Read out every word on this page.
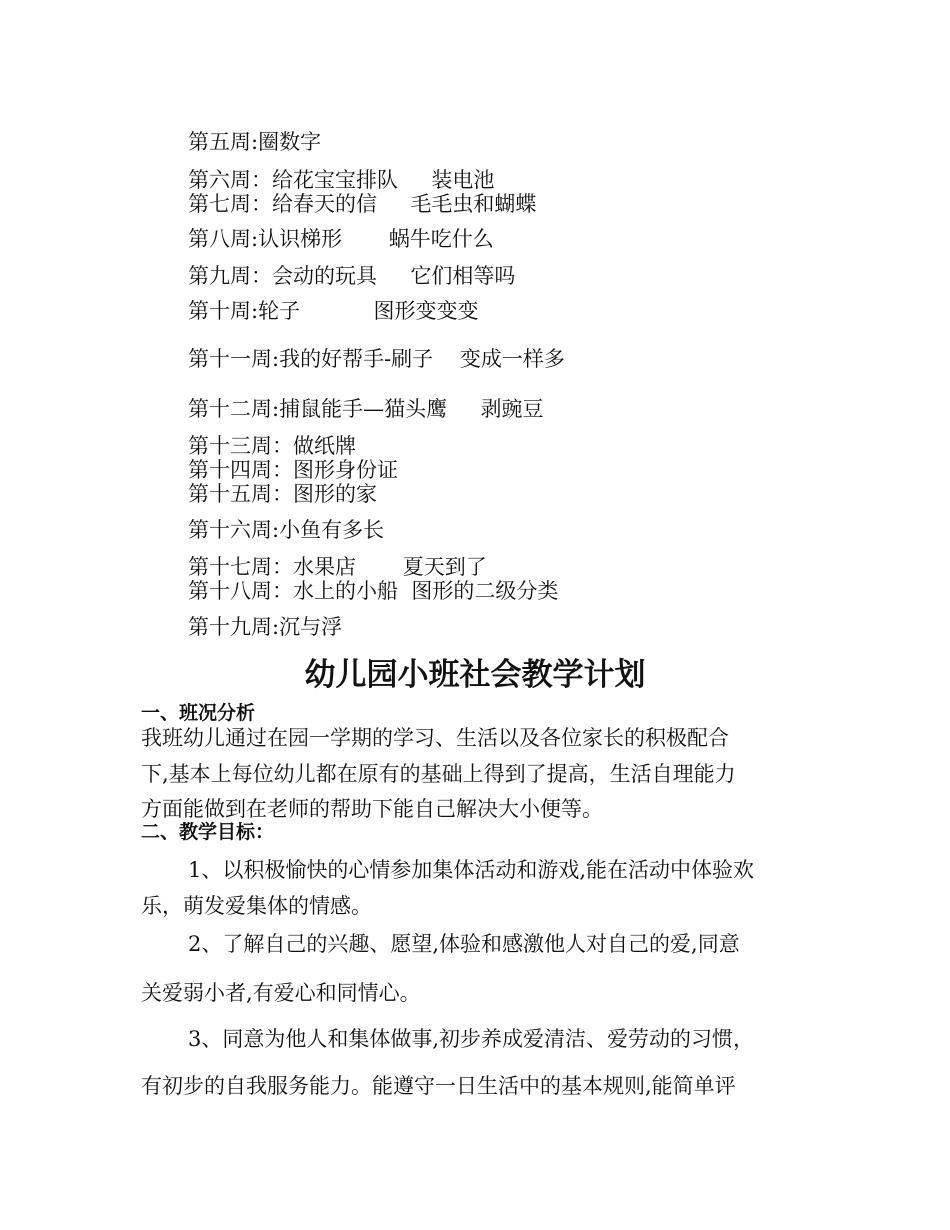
第五周:圈数字
第六周：给花宝宝排队     装电池
第七周：给春天的信     毛毛虫和蝴蝶
第八周:认识梯形       蜗牛吃什么
第九周：会动的玩具     它们相等吗
第十周:轮子           图形变变变
第十一周:我的好帮手-刷子    变成一样多
第十二周:捕鼠能手—猫头鹰     剥豌豆
第十三周：做纸牌
第十四周：图形身份证
第十五周：图形的家
第十六周:小鱼有多长
第十七周：水果店       夏天到了
第十八周：水上的小船  图形的二级分类
第十九周:沉与浮
幼儿园小班社会教学计划
一、班况分析
我班幼儿通过在园一学期的学习、生活以及各位家长的积极配合
下,基本上每位幼儿都在原有的基础上得到了提高，生活自理能力
方面能做到在老师的帮助下能自己解决大小便等。
二、教学目标：
1、以积极愉快的心情参加集体活动和游戏,能在活动中体验欢
乐，萌发爱集体的情感。
2、了解自己的兴趣、愿望,体验和感激他人对自己的爱,同意
关爱弱小者,有爱心和同情心。
3、同意为他人和集体做事,初步养成爱清洁、爱劳动的习惯，
有初步的自我服务能力。能遵守一日生活中的基本规则,能简单评
